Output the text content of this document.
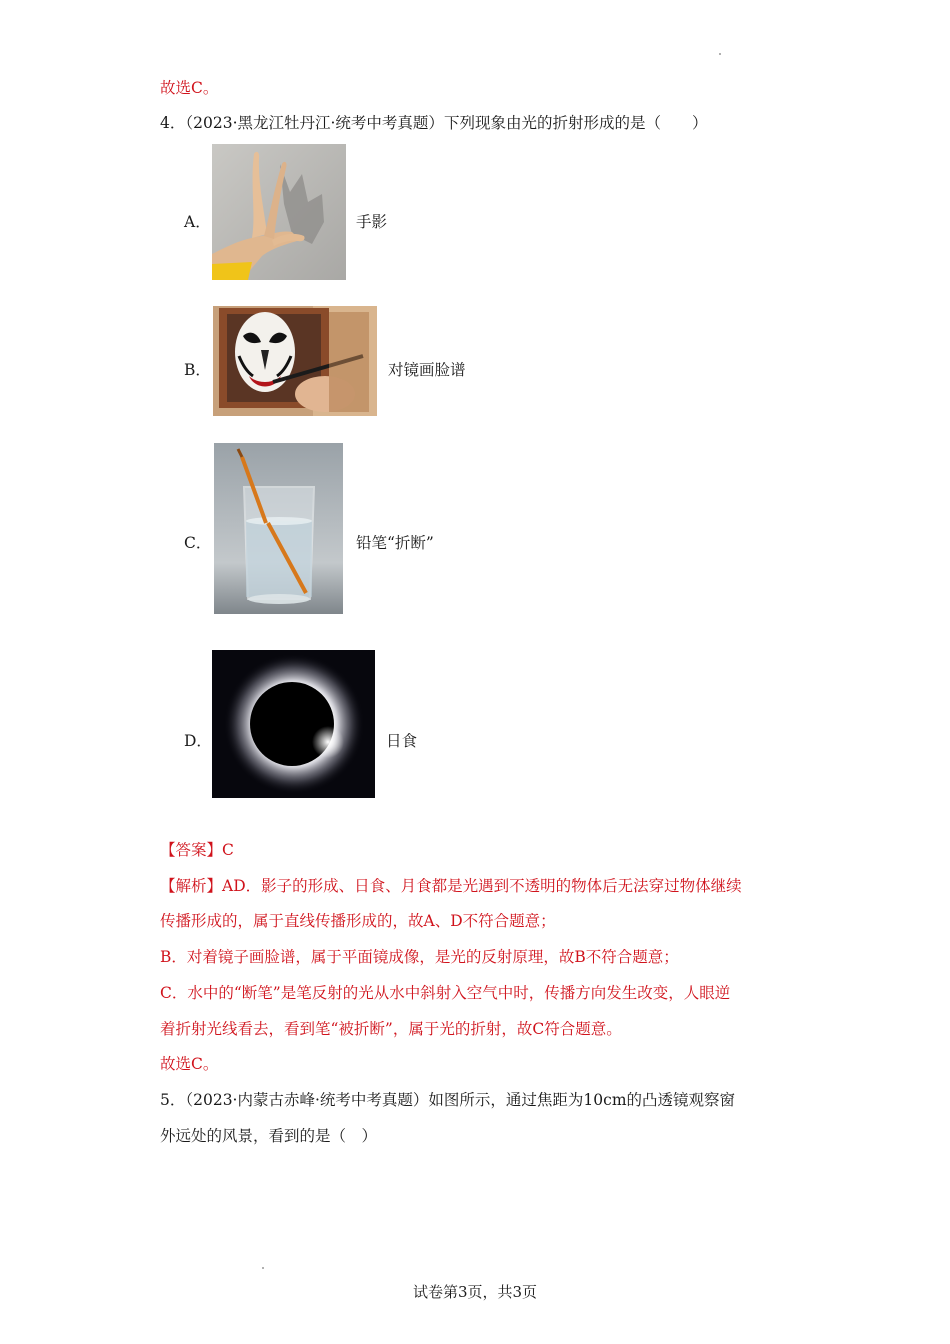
故选C。
4．（2023·黑龙江牡丹江·统考中考真题）下列现象由光的折射形成的是（　　）
A．	手影
B．	对镜画脸谱
C．	铅笔“折断”
D．	日食
【答案】C
【解析】AD．影子的形成、日食、月食都是光遇到不透明的物体后无法穿过物体继续
传播形成的，属于直线传播形成的，故A、D不符合题意；
B．对着镜子画脸谱，属于平面镜成像，是光的反射原理，故B不符合题意；
C．水中的“断笔”是笔反射的光从水中斜射入空气中时，传播方向发生改变，人眼逆
着折射光线看去，看到笔“被折断”，属于光的折射，故C符合题意。
故选C。
5．（2023·内蒙古赤峰·统考中考真题）如图所示，通过焦距为10cm的凸透镜观察窗
外远处的风景，看到的是（　）
试卷第3页，共3页
